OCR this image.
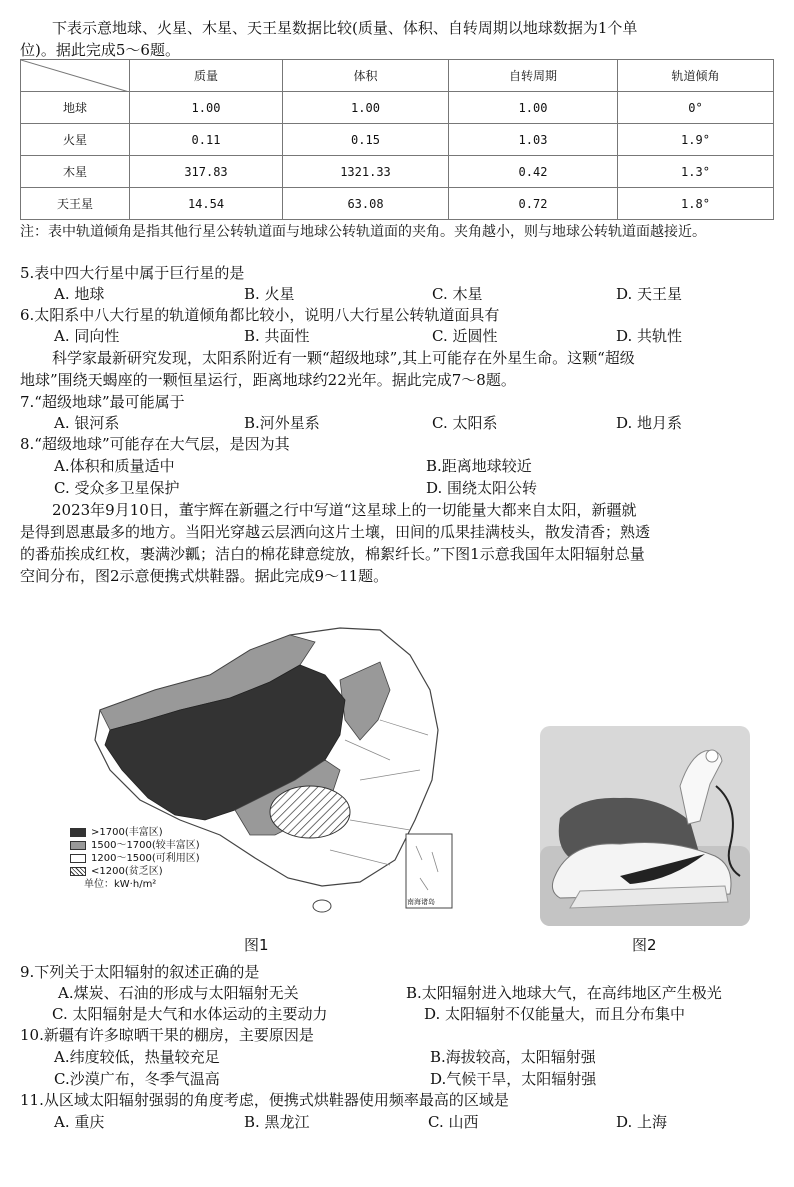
下表示意地球、火星、木星、天王星数据比较(质量、体积、自转周期以地球数据为1个单
位)。据此完成5～6题。
	质量	体积	自转周期	轨道倾角
地球	1.00	1.00	1.00	0°
火星	0.11	0.15	1.03	1.9°
木星	317.83	1321.33	0.42	1.3°
天王星	14.54	63.08	0.72	1.8°
注：表中轨道倾角是指其他行星公转轨道面与地球公转轨道面的夹角。夹角越小，则与地球公转轨道面越接近。
5.表中四大行星中属于巨行星的是
A. 地球	B. 火星	C. 木星	D. 天王星
6.太阳系中八大行星的轨道倾角都比较小，说明八大行星公转轨道面具有
A. 同向性	B. 共面性	C. 近圆性	D. 共轨性
科学家最新研究发现，太阳系附近有一颗“超级地球”,其上可能存在外星生命。这颗“超级
地球”围绕天蝎座的一颗恒星运行，距离地球约22光年。据此完成7～8题。
7.“超级地球”最可能属于
A. 银河系	B.河外星系	C. 太阳系	D. 地月系
8.“超级地球”可能存在大气层，是因为其
A.体积和质量适中	B.距离地球较近
C. 受众多卫星保护	D. 围绕太阳公转
2023年9月10日，董宇辉在新疆之行中写道“这星球上的一切能量大都来自太阳，新疆就
是得到恩惠最多的地方。当阳光穿越云层洒向这片土壤，田间的瓜果挂满枝头，散发清香；熟透
的番茄挨成红枚，裹满沙瓤；洁白的棉花肆意绽放，棉絮纤长。”下图1示意我国年太阳辐射总量
空间分布，图2示意便携式烘鞋器。据此完成9～11题。
南海诸岛
>1700(丰富区)
1500～1700(较丰富区)
1200～1500(可利用区)
<1200(贫乏区)
单位：kW·h/m²
图1	图2
9.下列关于太阳辐射的叙述正确的是
A.煤炭、石油的形成与太阳辐射无关	B.太阳辐射进入地球大气，在高纬地区产生极光
C. 太阳辐射是大气和水体运动的主要动力	D. 太阳辐射不仅能量大，而且分布集中
10.新疆有许多晾晒干果的棚房，主要原因是
A.纬度较低，热量较充足	B.海拔较高，太阳辐射强
C.沙漠广布，冬季气温高	D.气候干旱，太阳辐射强
11.从区域太阳辐射强弱的角度考虑，便携式烘鞋器使用频率最高的区域是
A. 重庆	B. 黑龙江	C. 山西	D. 上海
